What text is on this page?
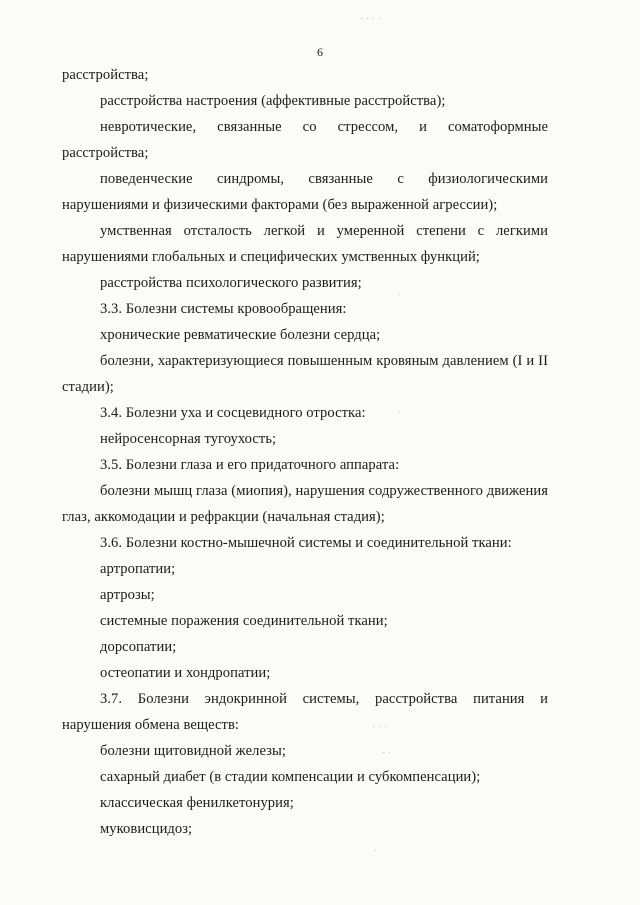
6

расстройства;

расстройства настроения (аффективные расстройства);

невротические, связанные со стрессом, и соматоформные расстройства;

поведенческие синдромы, связанные с физиологическими нарушениями и физическими факторами (без выраженной агрессии);

умственная отсталость легкой и умеренной степени с легкими нарушениями глобальных и специфических умственных функций;

расстройства психологического развития;

3.3. Болезни системы кровообращения:

хронические ревматические болезни сердца;

болезни, характеризующиеся повышенным кровяным давлением (I и II стадии);

3.4. Болезни уха и сосцевидного отростка:

нейросенсорная тугоухость;

3.5. Болезни глаза и его придаточного аппарата:

болезни мышц глаза (миопия), нарушения содружественного движения глаз, аккомодации и рефракции (начальная стадия);

3.6. Болезни костно-мышечной системы и соединительной ткани:

артропатии;

артрозы;

системные поражения соединительной ткани;

дорсопатии;

остеопатии и хондропатии;

3.7. Болезни эндокринной системы, расстройства питания и нарушения обмена веществ:

болезни щитовидной железы;

сахарный диабет (в стадии компенсации и субкомпенсации);

классическая фенилкетонурия;

муковисцидоз;

· · · ·
·
·
· · ·
· ·
·
